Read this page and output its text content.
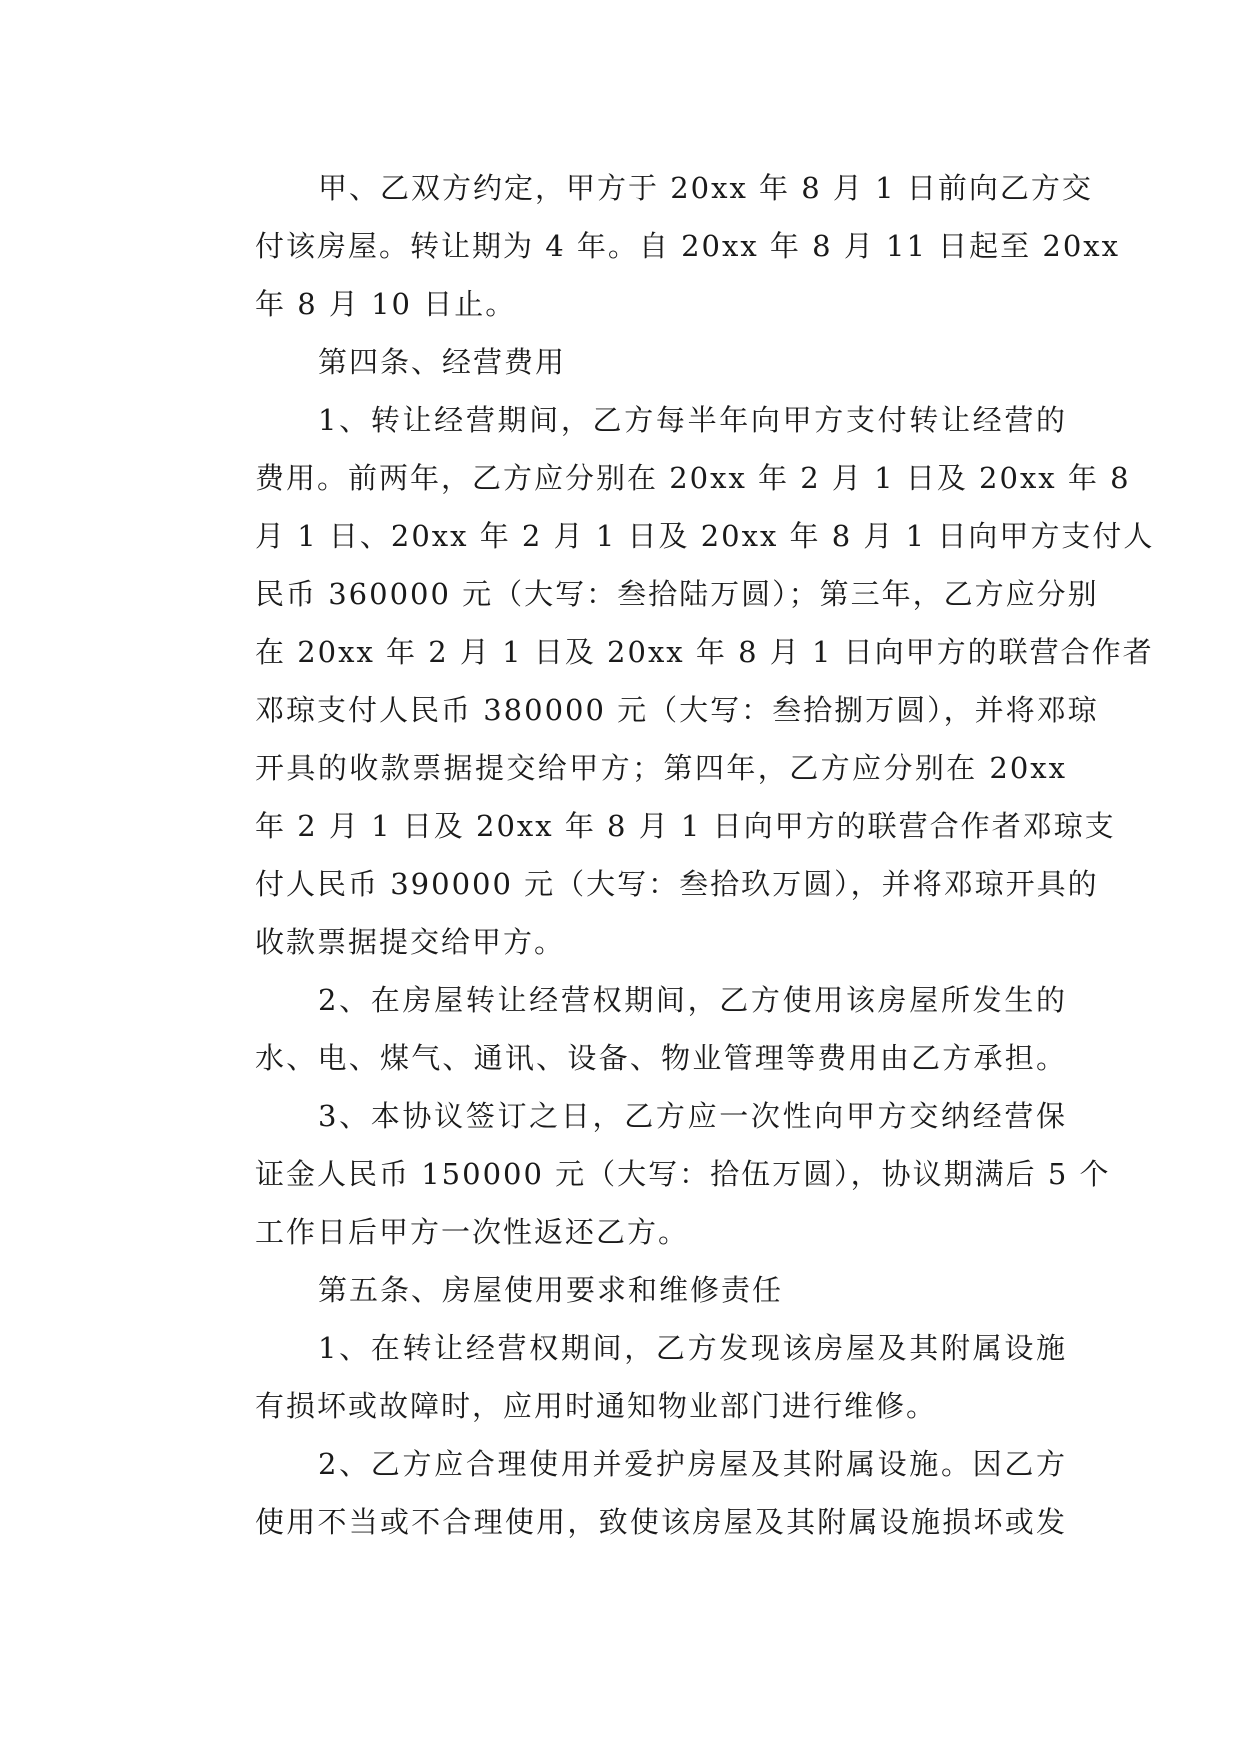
甲、乙双方约定，甲方于 20xx 年 8 月 1 日前向乙方交
付该房屋。转让期为 4 年。自 20xx 年 8 月 11 日起至 20xx
年 8 月 10 日止。
第四条、经营费用
1、转让经营期间，乙方每半年向甲方支付转让经营的
费用。前两年，乙方应分别在 20xx 年 2 月 1 日及 20xx 年 8
月 1 日、20xx 年 2 月 1 日及 20xx 年 8 月 1 日向甲方支付人
民币 360000 元（大写：叁拾陆万圆）；第三年，乙方应分别
在 20xx 年 2 月 1 日及 20xx 年 8 月 1 日向甲方的联营合作者
邓琼支付人民币 380000 元（大写：叁拾捌万圆），并将邓琼
开具的收款票据提交给甲方；第四年，乙方应分别在 20xx
年 2 月 1 日及 20xx 年 8 月 1 日向甲方的联营合作者邓琼支
付人民币 390000 元（大写：叁拾玖万圆），并将邓琼开具的
收款票据提交给甲方。
2、在房屋转让经营权期间，乙方使用该房屋所发生的
水、电、煤气、通讯、设备、物业管理等费用由乙方承担。
3、本协议签订之日，乙方应一次性向甲方交纳经营保
证金人民币 150000 元（大写：拾伍万圆），协议期满后 5 个
工作日后甲方一次性返还乙方。
第五条、房屋使用要求和维修责任
1、在转让经营权期间，乙方发现该房屋及其附属设施
有损坏或故障时，应用时通知物业部门进行维修。
2、乙方应合理使用并爱护房屋及其附属设施。因乙方
使用不当或不合理使用，致使该房屋及其附属设施损坏或发
